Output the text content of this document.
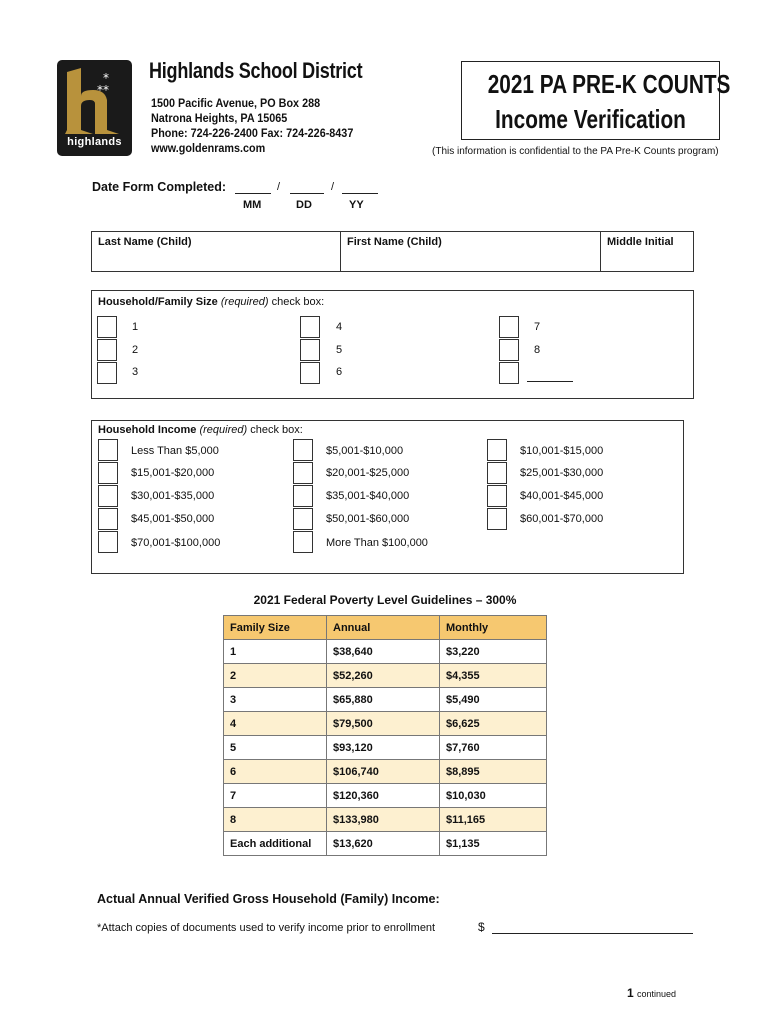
*
**
highlands
Highlands School District
1500 Pacific Avenue, PO Box 288
Natrona Heights, PA 15065
Phone: 724-226-2400 Fax: 724-226-8437
www.goldenrams.com
2021 PA PRE-K COUNTS
Income Verification
(This information is confidential to the PA Pre-K Counts program)
Date Form Completed:	/	/
MM	DD	YY
Last Name (Child)	First Name (Child)	Middle Initial
Household/Family Size (required) check box:
1
2
3
4
5
6
7
8
Household Income (required) check box:
Less Than $5,000
$15,001-$20,000
$30,001-$35,000
$45,001-$50,000
$70,001-$100,000
$5,001-$10,000
$20,001-$25,000
$35,001-$40,000
$50,001-$60,000
More Than $100,000
$10,001-$15,000
$25,001-$30,000
$40,001-$45,000
$60,001-$70,000
2021 Federal Poverty Level Guidelines – 300%
Family Size	Annual	Monthly
1	$38,640	$3,220
2	$52,260	$4,355
3	$65,880	$5,490
4	$79,500	$6,625
5	$93,120	$7,760
6	$106,740	$8,895
7	$120,360	$10,030
8	$133,980	$11,165
Each additional	$13,620	$1,135
Actual Annual Verified Gross Household (Family) Income:
*Attach copies of documents used to verify income prior to enrollment	$
1 continued
